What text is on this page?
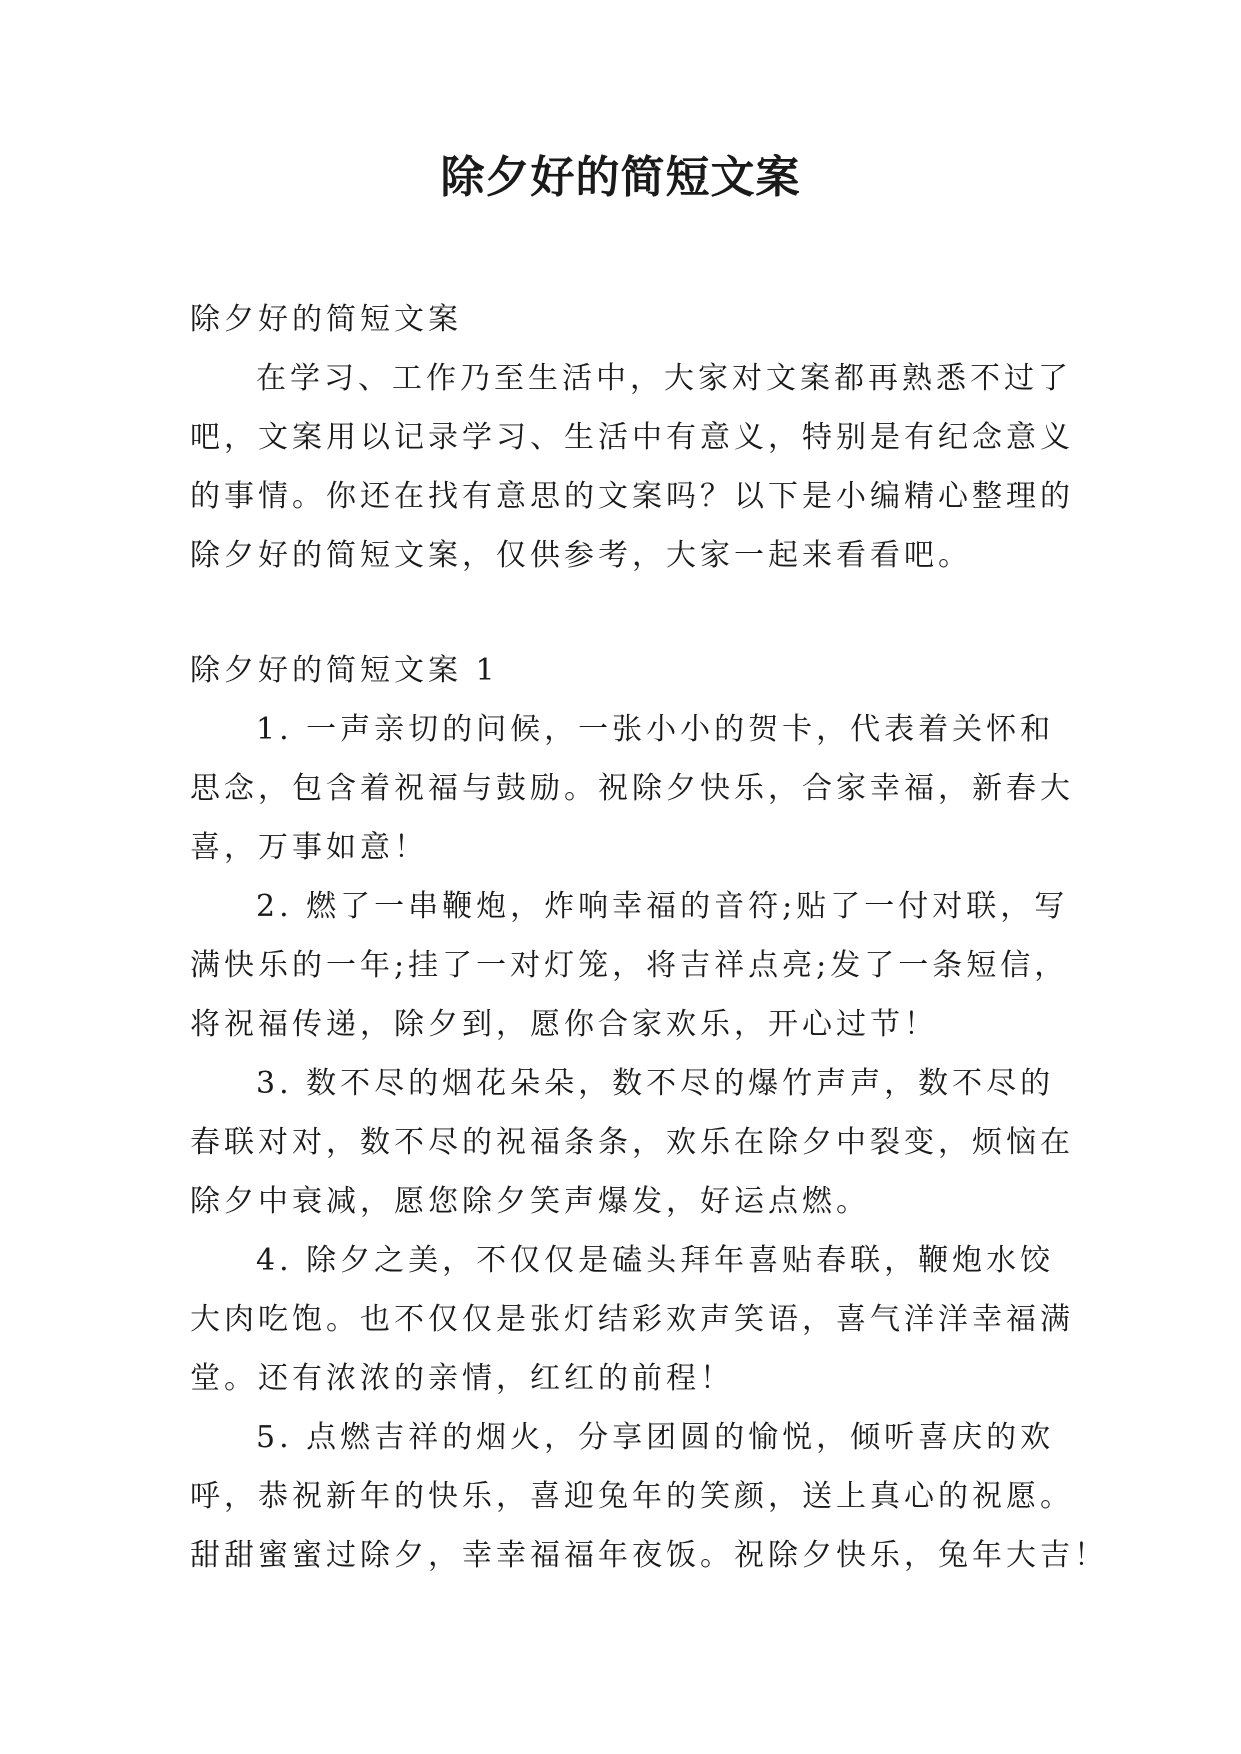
除夕好的简短文案
除夕好的简短文案
在学习、工作乃至生活中，大家对文案都再熟悉不过了
吧，文案用以记录学习、生活中有意义，特别是有纪念意义
的事情。你还在找有意思的文案吗？以下是小编精心整理的
除夕好的简短文案，仅供参考，大家一起来看看吧。
除夕好的简短文案 1
1. 一声亲切的问候，一张小小的贺卡，代表着关怀和
思念，包含着祝福与鼓励。祝除夕快乐，合家幸福，新春大
喜，万事如意！
2. 燃了一串鞭炮，炸响幸福的音符;贴了一付对联，写
满快乐的一年;挂了一对灯笼，将吉祥点亮;发了一条短信，
将祝福传递，除夕到，愿你合家欢乐，开心过节！
3. 数不尽的烟花朵朵，数不尽的爆竹声声，数不尽的
春联对对，数不尽的祝福条条，欢乐在除夕中裂变，烦恼在
除夕中衰减，愿您除夕笑声爆发，好运点燃。
4. 除夕之美，不仅仅是磕头拜年喜贴春联，鞭炮水饺
大肉吃饱。也不仅仅是张灯结彩欢声笑语，喜气洋洋幸福满
堂。还有浓浓的亲情，红红的前程！
5. 点燃吉祥的烟火，分享团圆的愉悦，倾听喜庆的欢
呼，恭祝新年的快乐，喜迎兔年的笑颜，送上真心的祝愿。
甜甜蜜蜜过除夕，幸幸福福年夜饭。祝除夕快乐，兔年大吉！
